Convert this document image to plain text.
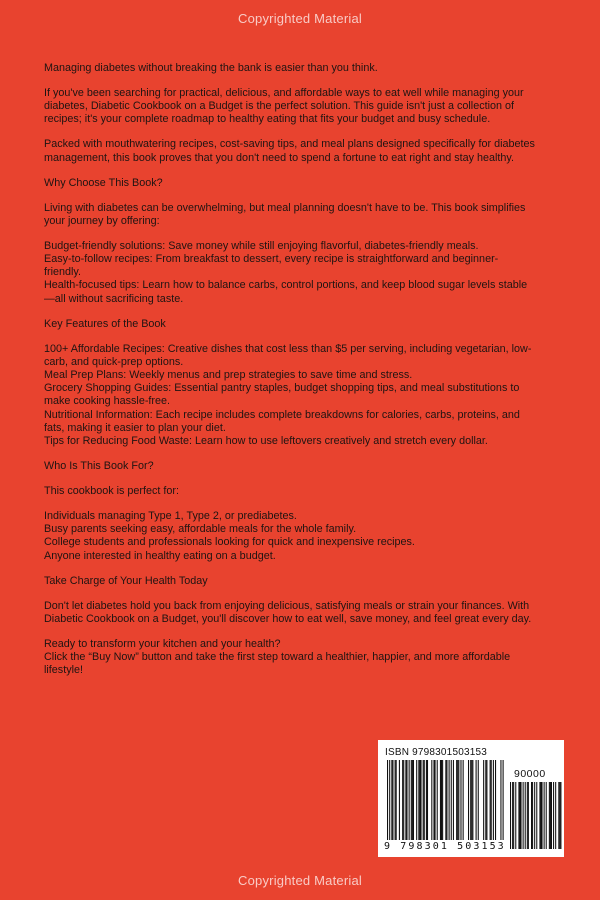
Copyrighted Material

Managing diabetes without breaking the bank is easier than you think.

If you've been searching for practical, delicious, and affordable ways to eat well while managing your
diabetes, Diabetic Cookbook on a Budget is the perfect solution. This guide isn't just a collection of
recipes; it's your complete roadmap to healthy eating that fits your budget and busy schedule.

Packed with mouthwatering recipes, cost-saving tips, and meal plans designed specifically for diabetes
management, this book proves that you don't need to spend a fortune to eat right and stay healthy.

Why Choose This Book?

Living with diabetes can be overwhelming, but meal planning doesn't have to be. This book simplifies
your journey by offering:

Budget-friendly solutions: Save money while still enjoying flavorful, diabetes-friendly meals.
Easy-to-follow recipes: From breakfast to dessert, every recipe is straightforward and beginner-
friendly.
Health-focused tips: Learn how to balance carbs, control portions, and keep blood sugar levels stable
—all without sacrificing taste.

Key Features of the Book

100+ Affordable Recipes: Creative dishes that cost less than $5 per serving, including vegetarian, low-
carb, and quick-prep options.
Meal Prep Plans: Weekly menus and prep strategies to save time and stress.
Grocery Shopping Guides: Essential pantry staples, budget shopping tips, and meal substitutions to
make cooking hassle-free.
Nutritional Information: Each recipe includes complete breakdowns for calories, carbs, proteins, and
fats, making it easier to plan your diet.
Tips for Reducing Food Waste: Learn how to use leftovers creatively and stretch every dollar.

Who Is This Book For?

This cookbook is perfect for:

Individuals managing Type 1, Type 2, or prediabetes.
Busy parents seeking easy, affordable meals for the whole family.
College students and professionals looking for quick and inexpensive recipes.
Anyone interested in healthy eating on a budget.

Take Charge of Your Health Today

Don't let diabetes hold you back from enjoying delicious, satisfying meals or strain your finances. With
Diabetic Cookbook on a Budget, you'll discover how to eat well, save money, and feel great every day.

Ready to transform your kitchen and your health?
Click the “Buy Now” button and take the first step toward a healthier, happier, and more affordable
lifestyle!

ISBN 9798301503153
90000
9 798301 503153
Copyrighted Material
